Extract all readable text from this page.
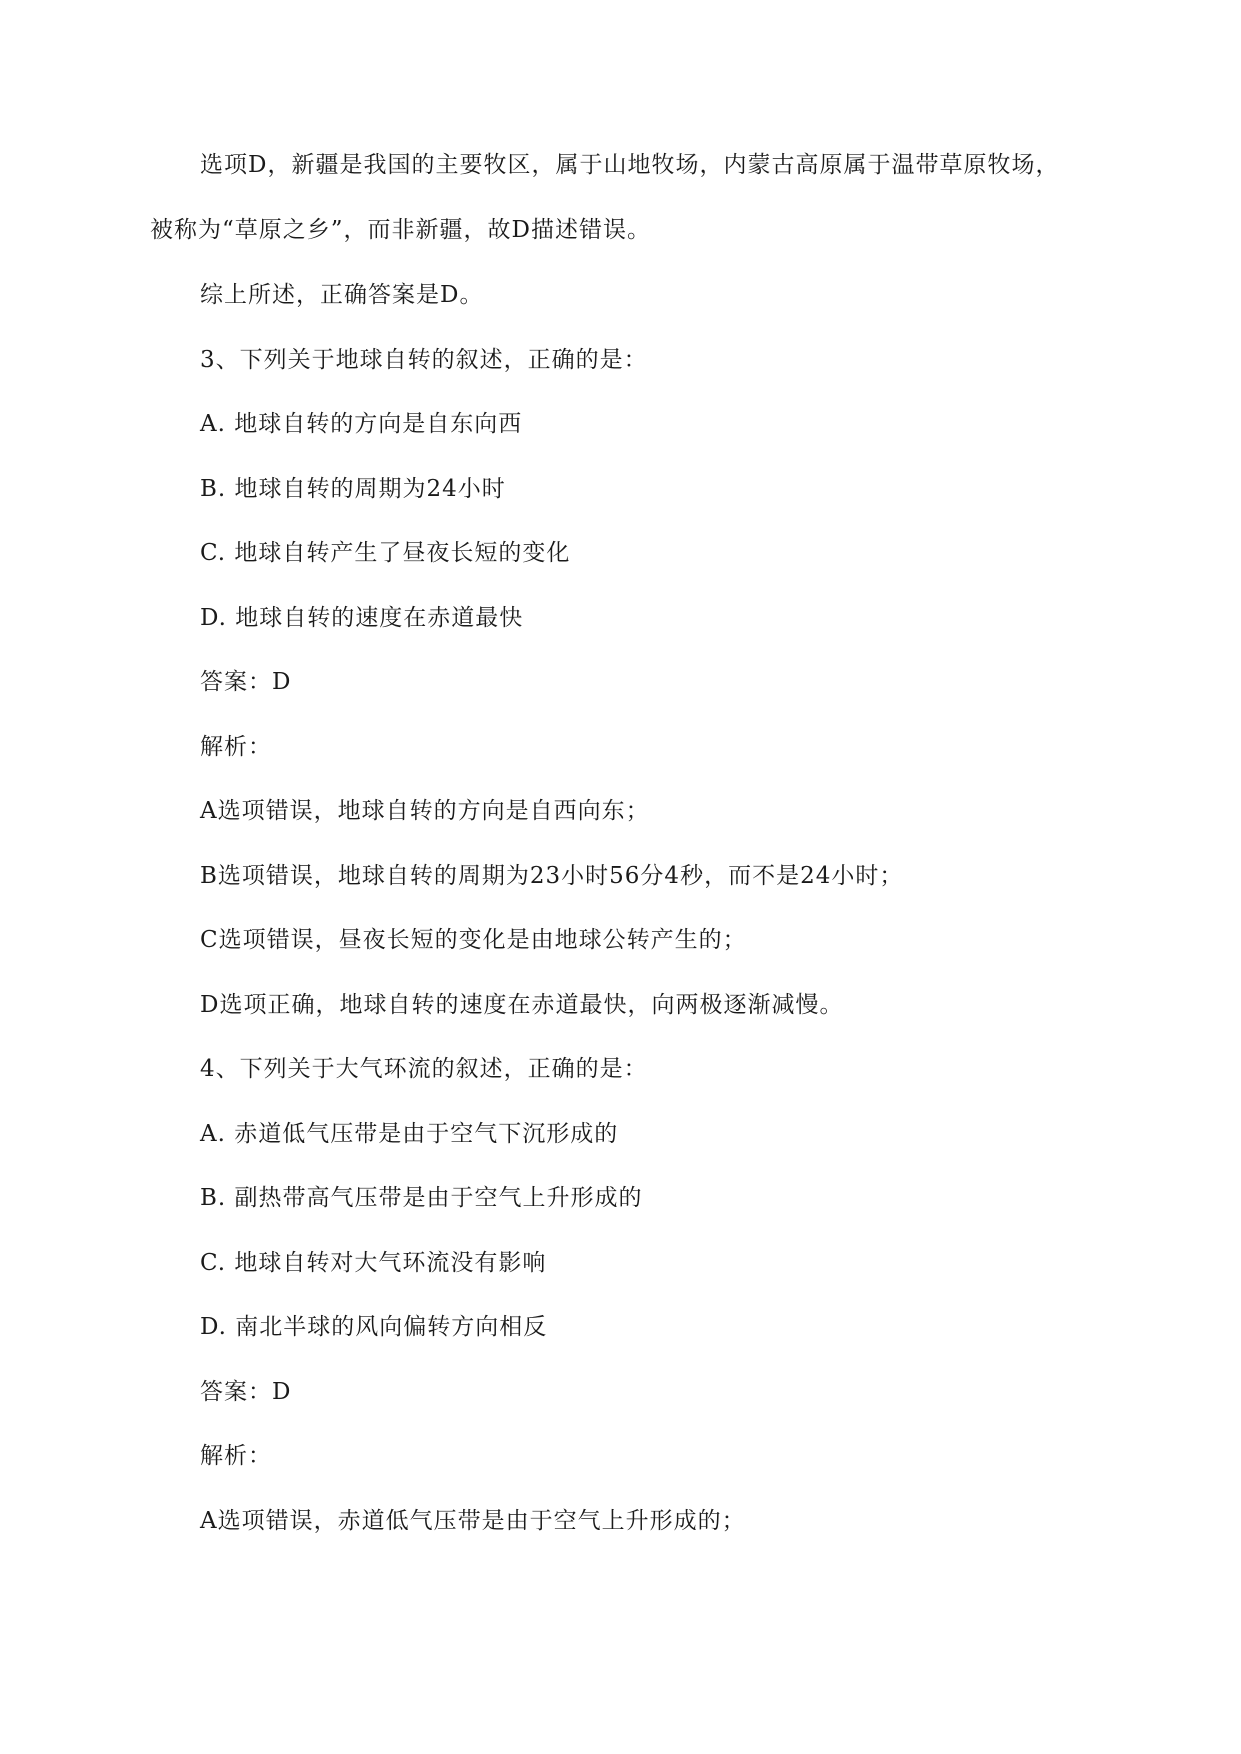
选项D，新疆是我国的主要牧区，属于山地牧场，内蒙古高原属于温带草原牧场，
被称为“草原之乡”，而非新疆，故D描述错误。
综上所述，正确答案是D。
3、下列关于地球自转的叙述，正确的是：
A. 地球自转的方向是自东向西
B. 地球自转的周期为24小时
C. 地球自转产生了昼夜长短的变化
D. 地球自转的速度在赤道最快
答案：D
解析：
A选项错误，地球自转的方向是自西向东；
B选项错误，地球自转的周期为23小时56分4秒，而不是24小时；
C选项错误，昼夜长短的变化是由地球公转产生的；
D选项正确，地球自转的速度在赤道最快，向两极逐渐减慢。
4、下列关于大气环流的叙述，正确的是：
A. 赤道低气压带是由于空气下沉形成的
B. 副热带高气压带是由于空气上升形成的
C. 地球自转对大气环流没有影响
D. 南北半球的风向偏转方向相反
答案：D
解析：
A选项错误，赤道低气压带是由于空气上升形成的；
